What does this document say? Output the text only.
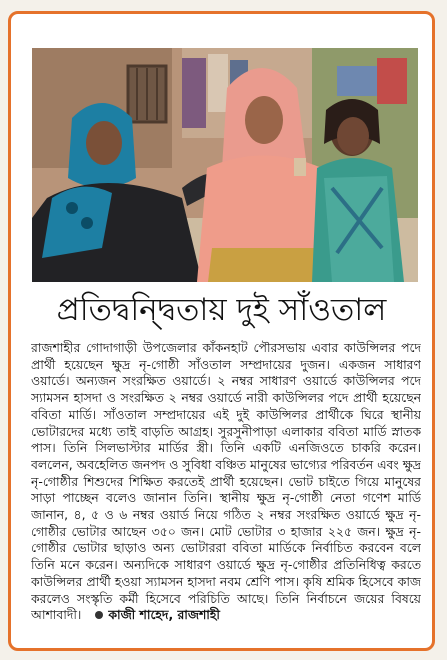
প্রতিদ্বন্দ্বিতায় দুই সাঁওতাল

রাজশাহীর গোদাগাড়ী উপজেলার কাঁকনহাট পৌরসভায় এবার কাউন্সিলর পদে প্রার্থী হয়েছেন ক্ষুদ্র নৃ-গোষ্ঠী সাঁওতাল সম্প্রদায়ের দুজন। একজন সাধারণ ওয়ার্ডে। অন্যজন সংরক্ষিত ওয়ার্ডে। ২ নম্বর সাধারণ ওয়ার্ডে কাউন্সিলর পদে স্যামসন হাসদা ও সংরক্ষিত ২ নম্বর ওয়ার্ডে নারী কাউন্সিলর পদে প্রার্থী হয়েছেন ববিতা মার্ডি। সাঁওতাল সম্প্রদায়ের এই দুই কাউন্সিলর প্রার্থীকে ঘিরে স্থানীয় ভোটারদের মধ্যে তাই বাড়তি আগ্রহ। সুরসুনীপাড়া এলাকার ববিতা মার্ডি স্নাতক পাস। তিনি সিলভাস্টার মার্ডির স্ত্রী। তিনি একটি এনজিওতে চাকরি করেন। বললেন, অবহেলিত জনপদ ও সুবিধা বঞ্চিত মানুষের ভাগ্যের পরিবর্তন এবং ক্ষুদ্র নৃ-গোষ্ঠীর শিশুদের শিক্ষিত করতেই প্রার্থী হয়েছেন। ভোট চাইতে গিয়ে মানুষের সাড়া পাচ্ছেন বলেও জানান তিনি। স্থানীয় ক্ষুদ্র নৃ-গোষ্ঠী নেতা গণেশ মার্ডি জানান, ৪, ৫ ও ৬ নম্বর ওয়ার্ড নিয়ে গঠিত ২ নম্বর সংরক্ষিত ওয়ার্ডে ক্ষুদ্র নৃ-গোষ্ঠীর ভোটার আছেন ৩৫০ জন। মোট ভোটার ৩ হাজার ২২৫ জন। ক্ষুদ্র নৃ-গোষ্ঠীর ভোটার ছাড়াও অন্য ভোটাররা ববিতা মার্ডিকে নির্বাচিত করবেন বলে তিনি মনে করেন। অন্যদিকে সাধারণ ওয়ার্ডে ক্ষুদ্র নৃ-গোষ্ঠীর প্রতিনিধিত্ব করতে কাউন্সিলর প্রার্থী হওয়া স্যামসন হাসদা নবম শ্রেণি পাস। কৃষি শ্রমিক হিসেবে কাজ করলেও সংস্কৃতি কর্মী হিসেবে পরিচিতি আছে। তিনি নির্বাচনে জয়ের বিষয়ে আশাবাদী। কাজী শাহেদ, রাজশাহী
